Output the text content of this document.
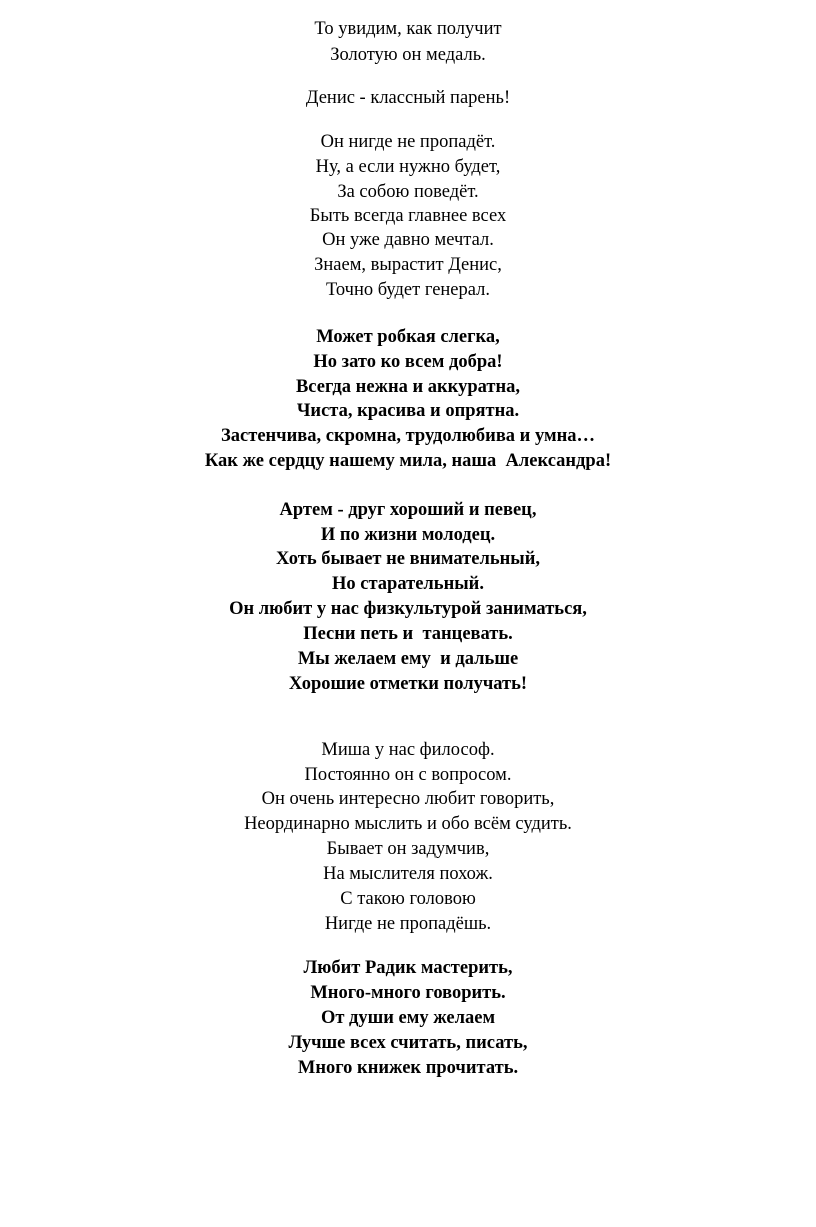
То увидим, как получит
Золотую он медаль.
Денис - классный парень!
Он нигде не пропадёт.
Ну, а если нужно будет,
За собою поведёт.
Быть всегда главнее всех
Он уже давно мечтал.
Знаем, вырастит Денис,
Точно будет генерал.
Может робкая слегка,
Но зато ко всем добра!
Всегда нежна и аккуратна,
Чиста, красива и опрятна.
Застенчива, скромна, трудолюбива и умна…
Как же сердцу нашему мила, наша  Александра!
Артем - друг хороший и певец,
И по жизни молодец.
Хоть бывает не внимательный,
Но старательный.
Он любит у нас физкультурой заниматься,
Песни петь и  танцевать.
Мы желаем ему  и дальше
Хорошие отметки получать!
Миша у нас философ.
Постоянно он с вопросом.
Он очень интересно любит говорить,
Неординарно мыслить и обо всём судить.
Бывает он задумчив,
На мыслителя похож.
С такою головою
Нигде не пропадёшь.
Любит Радик мастерить,
Много-много говорить.
От души ему желаем
Лучше всех считать, писать,
Много книжек прочитать.
